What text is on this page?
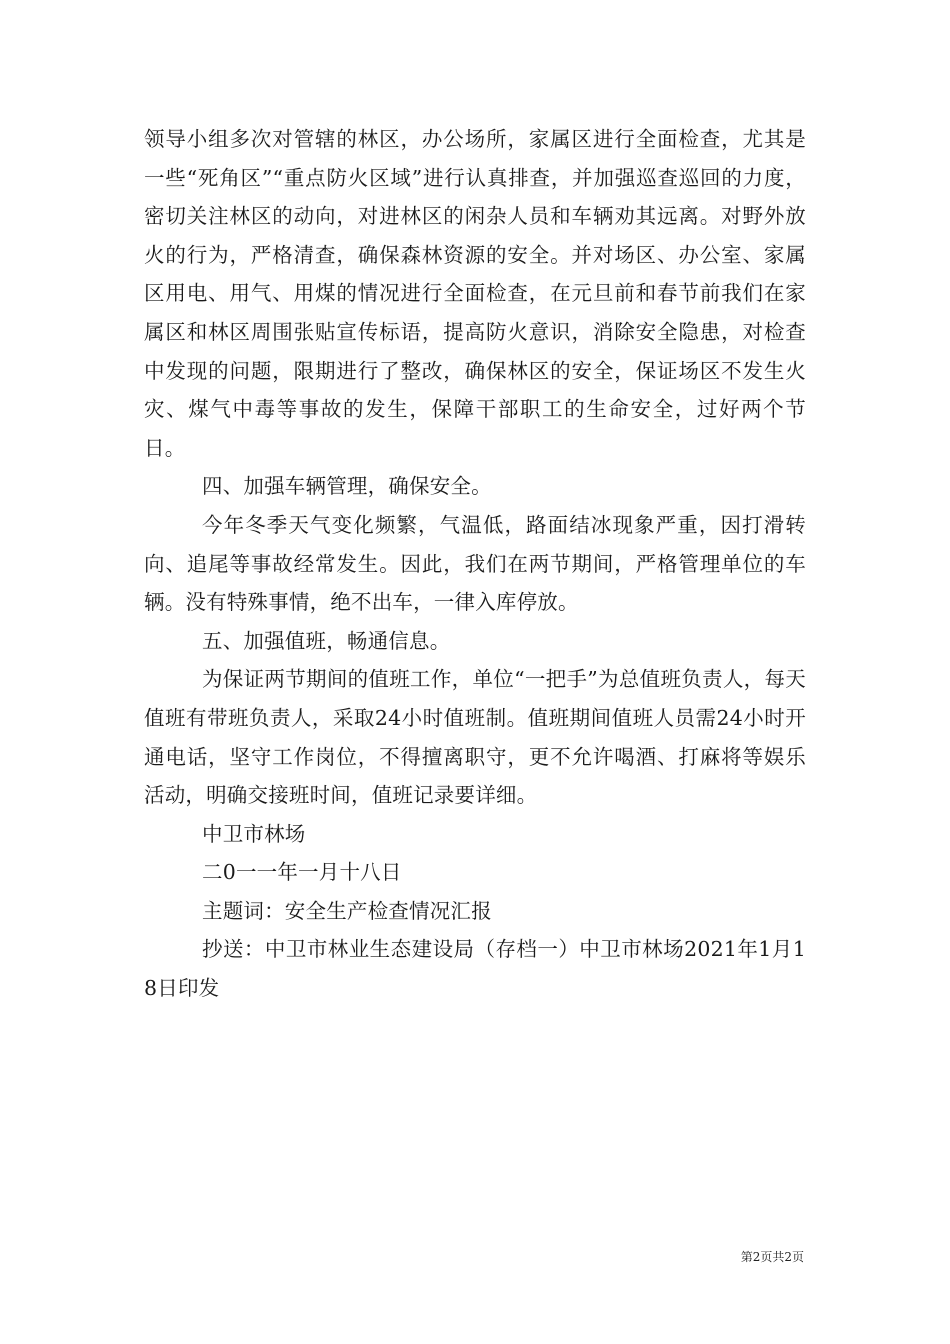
领导小组多次对管辖的林区，办公场所，家属区进行全面检查，尤其是一些“死角区”“重点防火区域”进行认真排查，并加强巡查巡回的力度，密切关注林区的动向，对进林区的闲杂人员和车辆劝其远离。对野外放火的行为，严格清查，确保森林资源的安全。并对场区、办公室、家属区用电、用气、用煤的情况进行全面检查，在元旦前和春节前我们在家属区和林区周围张贴宣传标语，提高防火意识，消除安全隐患，对检查中发现的问题，限期进行了整改，确保林区的安全，保证场区不发生火灾、煤气中毒等事故的发生，保障干部职工的生命安全，过好两个节日。

四、加强车辆管理，确保安全。

今年冬季天气变化频繁，气温低，路面结冰现象严重，因打滑转向、追尾等事故经常发生。因此，我们在两节期间，严格管理单位的车辆。没有特殊事情，绝不出车，一律入库停放。

五、加强值班，畅通信息。

为保证两节期间的值班工作，单位“一把手”为总值班负责人，每天值班有带班负责人，采取24小时值班制。值班期间值班人员需24小时开通电话，坚守工作岗位，不得擅离职守，更不允许喝酒、打麻将等娱乐活动，明确交接班时间，值班记录要详细。

中卫市林场

二0一一年一月十八日

主题词：安全生产检查情况汇报

抄送：中卫市林业生态建设局（存档一）中卫市林场2021年1月18日印发

第2页共2页
